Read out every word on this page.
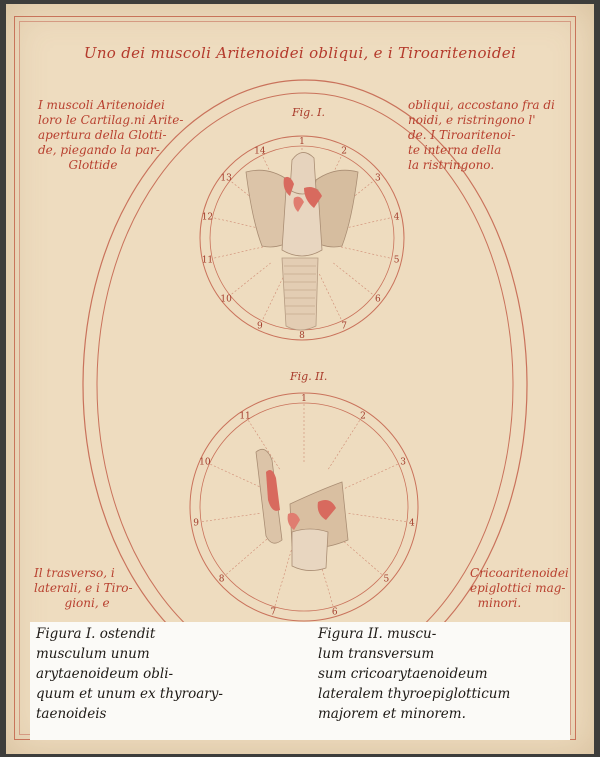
Uno dei muscoli Aritenoidei obliqui, e i Tiroaritenoidei
1
2
3
4
5
6
7
8
9
10
11
12
13
14
1
2
3
4
5
6
7
8
9
10
11
Fig. I.
Fig. II.
I muscoli Aritenoidei
loro le Cartilag.ni Arite-
apertura della Glotti-
de, piegando la par-
Glottide
obliqui, accostano fra di
noidi, e ristringono l'
de. I Tiroaritenoi-
te interna della
la ristringono.
Il trasverso, i
laterali, e i Tiro-
gioni, e
Cricoaritenoidei
epiglottici mag-
minori.
Figura I. ostendit
musculum unum
arytaenoideum obli-
quum et unum ex thyroary-
taenoideis
Figura II. muscu-
lum transversum
sum cricoarytaenoideum
lateralem thyroepiglotticum
majorem et minorem.
